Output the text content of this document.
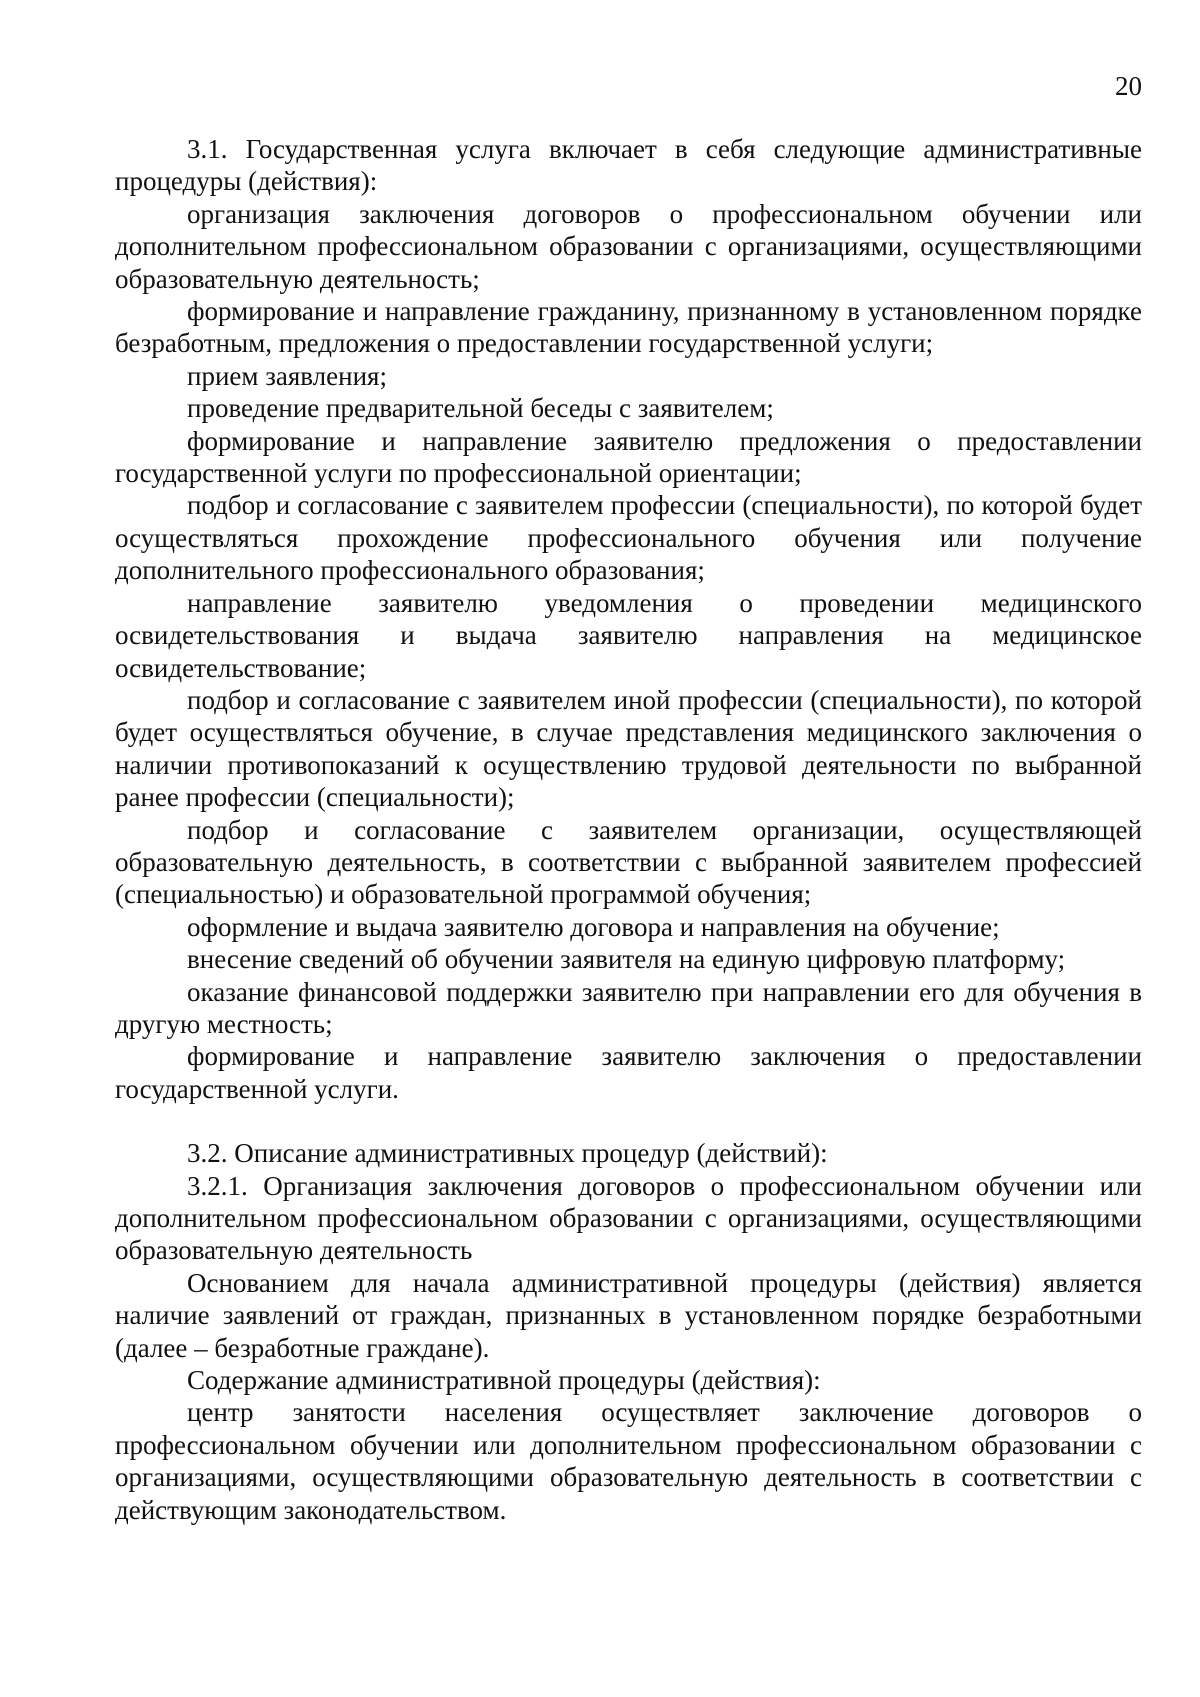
20

3.1. Государственная услуга включает в себя следующие административные процедуры (действия):

организация заключения договоров о профессиональном обучении или дополнительном профессиональном образовании с организациями, осуществляющими образовательную деятельность;

формирование и направление гражданину, признанному в установленном порядке безработным, предложения о предоставлении государственной услуги;

прием заявления;

проведение предварительной беседы с заявителем;

формирование и направление заявителю предложения о предоставлении государственной услуги по профессиональной ориентации;

подбор и согласование с заявителем профессии (специальности), по которой будет осуществляться прохождение профессионального обучения или получение дополнительного профессионального образования;

направление заявителю уведомления о проведении медицинского освидетельствования и выдача заявителю направления на медицинское освидетельствование;

подбор и согласование с заявителем иной профессии (специальности), по которой будет осуществляться обучение, в случае представления медицинского заключения о наличии противопоказаний к осуществлению трудовой деятельности по выбранной ранее профессии (специальности);

подбор и согласование с заявителем организации, осуществляющей образовательную деятельность, в соответствии с выбранной заявителем профессией (специальностью) и образовательной программой обучения;

оформление и выдача заявителю договора и направления на обучение;

внесение сведений об обучении заявителя на единую цифровую платформу;

оказание финансовой поддержки заявителю при направлении его для обучения в другую местность;

формирование и направление заявителю заключения о предоставлении государственной услуги.

3.2. Описание административных процедур (действий):

3.2.1. Организация заключения договоров о профессиональном обучении или дополнительном профессиональном образовании с организациями, осуществляющими образовательную деятельность

Основанием для начала административной процедуры (действия) является наличие заявлений от граждан, признанных в установленном порядке безработными (далее – безработные граждане).

Содержание административной процедуры (действия):

центр занятости населения осуществляет заключение договоров о профессиональном обучении или дополнительном профессиональном образовании с организациями, осуществляющими образовательную деятельность в соответствии с действующим законодательством.
